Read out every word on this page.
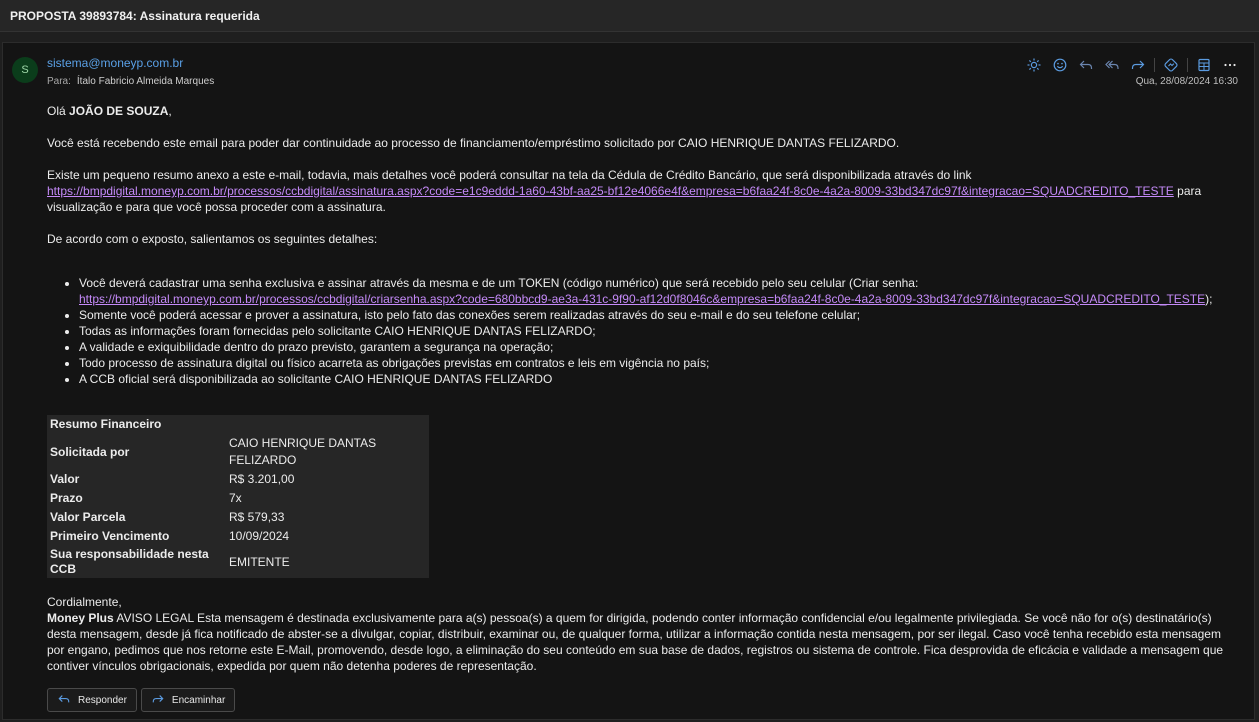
PROPOSTA 39893784: Assinatura requerida
S	sistema@moneyp.com.br
Para: Ítalo Fabricio Almeida Marques	Qua, 28/08/2024 16:30

Olá JOÃO DE SOUZA,

Você está recebendo este email para poder dar continuidade ao processo de financiamento/empréstimo solicitado por CAIO HENRIQUE DANTAS FELIZARDO.

Existe um pequeno resumo anexo a este e-mail, todavia, mais detalhes você poderá consultar na tela da Cédula de Crédito Bancário, que será disponibilizada através do link
https://bmpdigital.moneyp.com.br/processos/ccbdigital/assinatura.aspx?code=e1c9eddd-1a60-43bf-aa25-bf12e4066e4f&empresa=b6faa24f-8c0e-4a2a-8009-33bd347dc97f&integracao=SQUADCREDITO_TESTE para visualização e para que você possa proceder com a assinatura.

De acordo com o exposto, salientamos os seguintes detalhes:

• Você deverá cadastrar uma senha exclusiva e assinar através da mesma e de um TOKEN (código numérico) que será recebido pelo seu celular (Criar senha:
https://bmpdigital.moneyp.com.br/processos/ccbdigital/criarsenha.aspx?code=680bbcd9-ae3a-431c-9f90-af12d0f8046c&empresa=b6faa24f-8c0e-4a2a-8009-33bd347dc97f&integracao=SQUADCREDITO_TESTE);
• Somente você poderá acessar e prover a assinatura, isto pelo fato das conexões serem realizadas através do seu e-mail e do seu telefone celular;
• Todas as informações foram fornecidas pelo solicitante CAIO HENRIQUE DANTAS FELIZARDO;
• A validade e exiquibilidade dentro do prazo previsto, garantem a segurança na operação;
• Todo processo de assinatura digital ou físico acarreta as obrigações previstas em contratos e leis em vigência no país;
• A CCB oficial será disponibilizada ao solicitante CAIO HENRIQUE DANTAS FELIZARDO
Resumo Financeiro	
Solicitada por	CAIO HENRIQUE DANTAS FELIZARDO
Valor	R$ 3.201,00
Prazo	7x
Valor Parcela	R$ 579,33
Primeiro Vencimento	10/09/2024
Sua responsabilidade nesta CCB	EMITENTE

Cordialmente,

Money Plus AVISO LEGAL Esta mensagem é destinada exclusivamente para a(s) pessoa(s) a quem for dirigida, podendo conter informação confidencial e/ou legalmente privilegiada. Se você não for o(s) destinatário(s) desta mensagem, desde já fica notificado de abster-se a divulgar, copiar, distribuir, examinar ou, de qualquer forma, utilizar a informação contida nesta mensagem, por ser ilegal. Caso você tenha recebido esta mensagem por engano, pedimos que nos retorne este E-Mail, promovendo, desde logo, a eliminação do seu conteúdo em sua base de dados, registros ou sistema de controle. Fica desprovida de eficácia e validade a mensagem que contiver vínculos obrigacionais, expedida por quem não detenha poderes de representação.

Responder	Encaminhar
